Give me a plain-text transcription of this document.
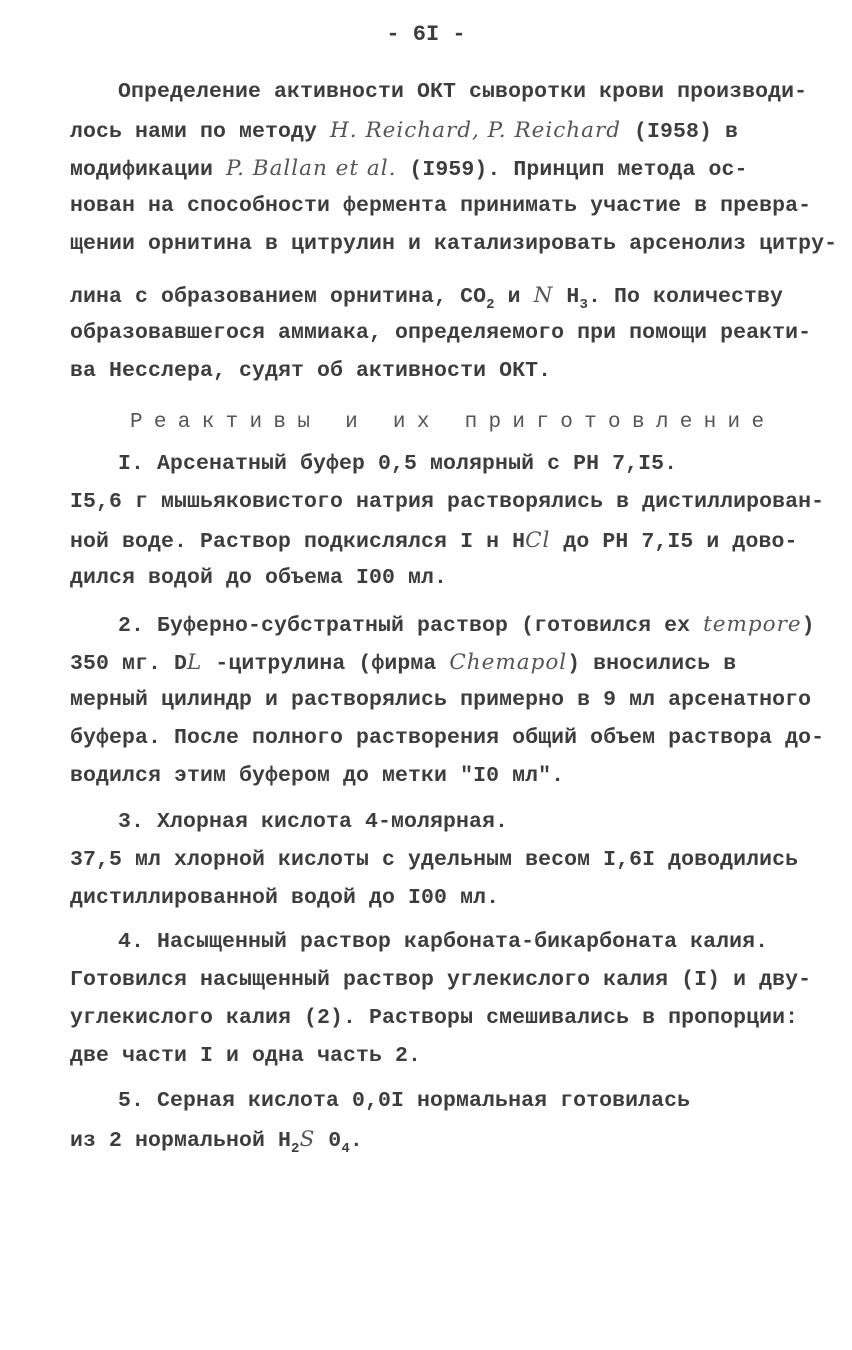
- 6I -
Определение активности ОКТ сыворотки крови производи-
лось нами по методу H. Reichard, P. Reichard (I958) в
модификации P. Ballan et al. (I959). Принцип метода ос-
нован на способности фермента принимать участие в превра-
щении орнитина в цитрулин и катализировать арсенолиз цитру-
лина с образованием орнитина, $CO_2$ и N $H_3$. По количеству
образовавшегося аммиака, определяемого при помощи реакти-
ва Несслера, судят об активности ОКТ.
Реактивы и их приготовление
I. Арсенатный буфер 0,5 молярный с РН 7,I5.
I5,6 г мышьяковистого натрия растворялись в дистиллирован-
ной воде. Раствор подкислялся I н HCl до РН 7,I5 и дово-
дился водой до объема I00 мл.
2. Буферно-субстратный раствор (готовился ex tempore)
350 мг. DL -цитрулина (фирма Chemapol) вносились в
мерный цилиндр и растворялись примерно в 9 мл арсенатного
буфера. После полного растворения общий объем раствора до-
водился этим буфером до метки "I0 мл".
3. Хлорная кислота 4-молярная.
37,5 мл хлорной кислоты с удельным весом I,6I доводились
дистиллированной водой до I00 мл.
4. Насыщенный раствор карбоната-бикарбоната калия.
Готовился насыщенный раствор углекислого калия (I) и дву-
углекислого калия (2). Растворы смешивались в пропорции:
две части I и одна часть 2.
5. Серная кислота 0,0I нормальная готовилась
из 2 нормальной $H_2S$ $0_4$.
